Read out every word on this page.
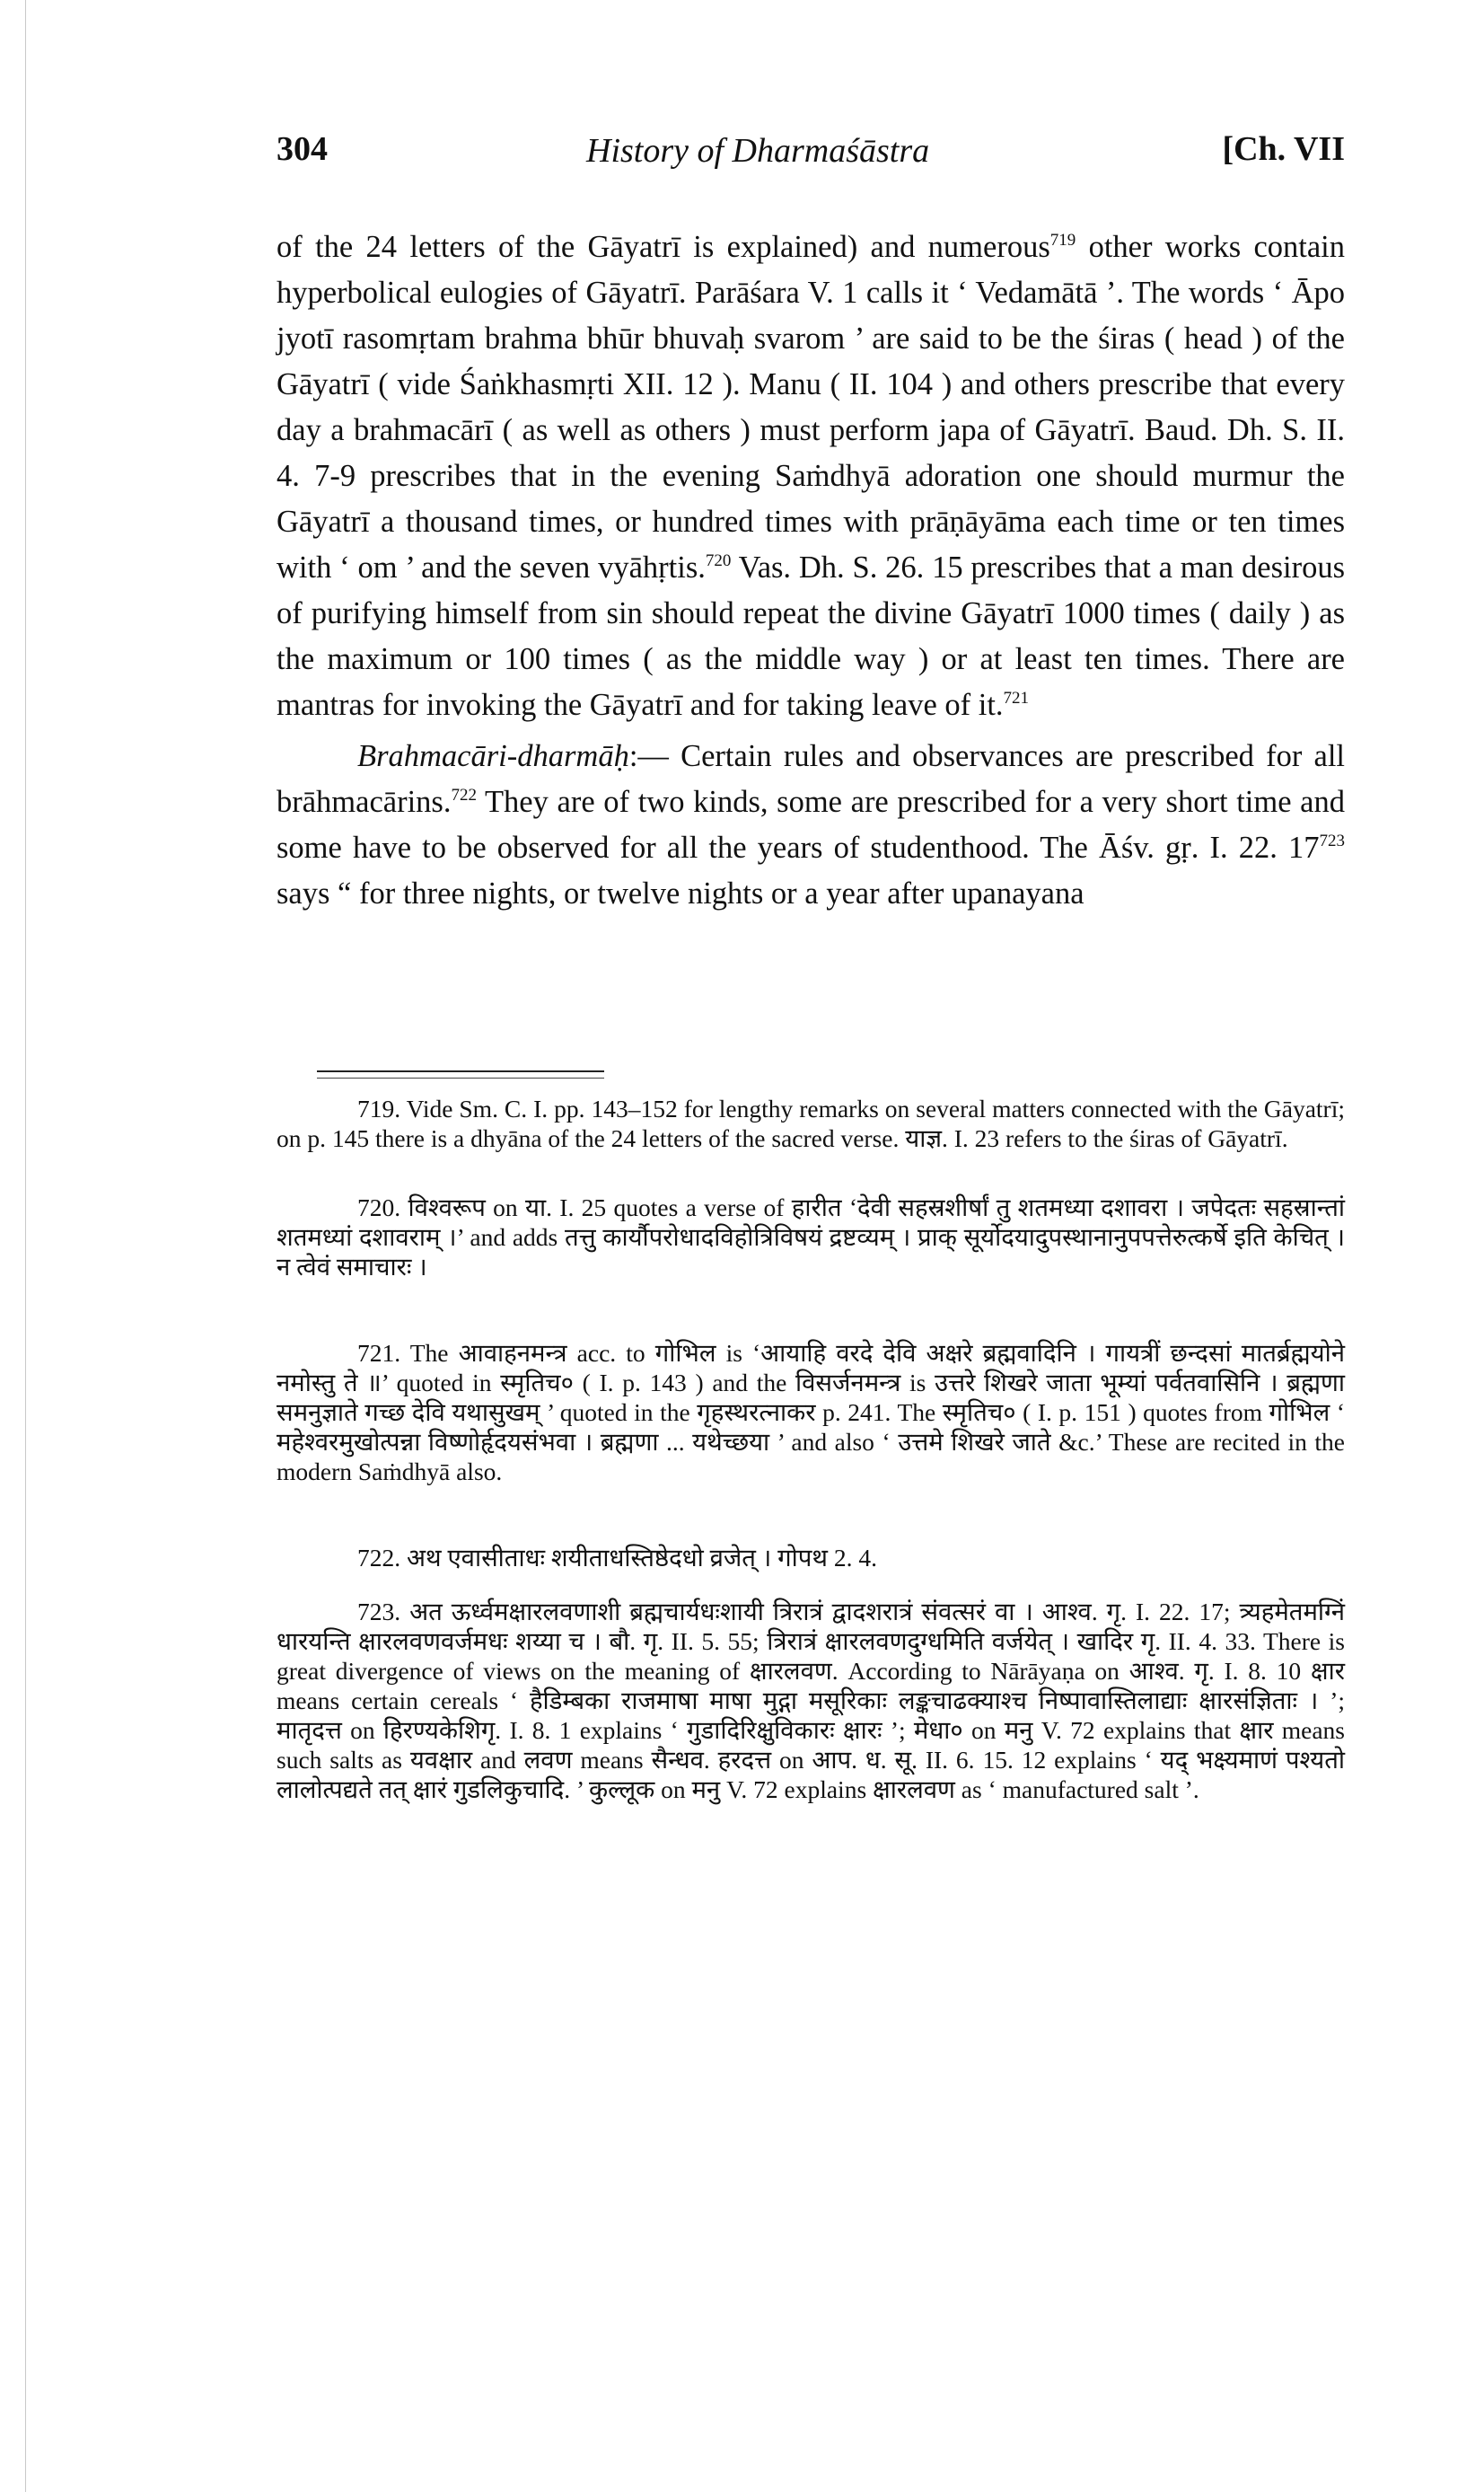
304	History of Dharmaśāstra	[Ch. VII

of the 24 letters of the Gāyatrī is explained) and numerous$^{719}$ other works contain hyperbolical eulogies of Gāyatrī. Parāśara V. 1 calls it ‘ Vedamātā ’. The words ‘ Āpo jyotī rasomṛtam brahma bhūr bhuvaḥ svarom ’ are said to be the śiras ( head ) of the Gāyatrī ( vide Śaṅkhasmṛti XII. 12 ). Manu ( II. 104 ) and others prescribe that every day a brahmacārī ( as well as others ) must perform japa of Gāyatrī. Baud. Dh. S. II. 4. 7-9 prescribes that in the evening Saṁdhyā adoration one should murmur the Gāyatrī a thousand times, or hundred times with prāṇāyāma each time or ten times with ‘ om ’ and the seven vyāhṛtis.$^{720}$ Vas. Dh. S. 26. 15 prescribes that a man desirous of purifying himself from sin should repeat the divine Gāyatrī 1000 times ( daily ) as the maximum or 100 times ( as the middle way ) or at least ten times. There are mantras for invoking the Gāyatrī and for taking leave of it.$^{721}$

Brahmacāri-dharmāḥ:— Certain rules and observances are prescribed for all brāhmacārins.$^{722}$ They are of two kinds, some are prescribed for a very short time and some have to be observed for all the years of studenthood. The Āśv. gṛ. I. 22. $17^{723}$ says “ for three nights, or twelve nights or a year after upanayana

719. Vide Sm. C. I. pp. 143–152 for lengthy remarks on several matters connected with the Gāyatrī; on p. 145 there is a dhyāna of the 24 letters of the sacred verse. याज्ञ. I. 23 refers to the śiras of Gāyatrī.

720. विश्वरूप on या. I. 25 quotes a verse of हारीत ‘देवी सहस्रशीर्षां तु शतमध्या दशावरा । जपेदतः सहस्रान्तां शतमध्यां दशावराम् ।’ and adds तत्तु कार्यौपरोधादविहोत्रिविषयं द्रष्टव्यम् । प्राक् सूर्योदयादुपस्थानानुपपत्तेरुत्कर्षे इति केचित् । न त्वेवं समाचारः ।

721. The आवाहनमन्त्र acc. to गोभिल is ‘आयाहि वरदे देवि अक्षरे ब्रह्मवादिनि । गायत्रीं छन्दसां मातर्ब्रह्मयोने नमोस्तु ते ॥’ quoted in स्मृतिच० ( I. p. 143 ) and the विसर्जनमन्त्र is उत्तरे शिखरे जाता भूम्यां पर्वतवासिनि । ब्रह्मणा समनुज्ञाते गच्छ देवि यथासुखम् ’ quoted in the गृहस्थरत्नाकर p. 241. The स्मृतिच० ( I. p. 151 ) quotes from गोभिल ‘ महेश्वरमुखोत्पन्ना विष्णोर्हृदयसंभवा । ब्रह्मणा ... यथेच्छया ’ and also ‘ उत्तमे शिखरे जाते &c.’ These are recited in the modern Saṁdhyā also.

722. अथ एवासीताधः शयीताधस्तिष्ठेदधो व्रजेत् । गोपथ 2. 4.

723. अत ऊर्ध्वमक्षारलवणाशी ब्रह्मचार्यधःशायी त्रिरात्रं द्वादशरात्रं संवत्सरं वा । आश्व. गृ. I. 22. 17; त्र्यहमेतमग्निं धारयन्ति क्षारलवणवर्जमधः शय्या च । बौ. गृ. II. 5. 55; त्रिरात्रं क्षारलवणदुग्धमिति वर्जयेत् । खादिर गृ. II. 4. 33. There is great divergence of views on the meaning of क्षारलवण. According to Nārāyaṇa on आश्व. गृ. I. 8. 10 क्षार means certain cereals ‘ हैडिम्बका राजमाषा माषा मुद्गा मसूरिकाः लङ्कचाढक्याश्च निष्पावास्तिलाद्याः क्षारसंज्ञिताः । ’; मातृदत्त on हिरण्यकेशिगृ. I. 8. 1 explains ‘ गुडादिरिक्षुविकारः क्षारः ’; मेधा० on मनु V. 72 explains that क्षार means such salts as यवक्षार and लवण means सैन्धव. हरदत्त on आप. ध. सू. II. 6. 15. 12 explains ‘ यद् भक्ष्यमाणं पश्यतो लालोत्पद्यते तत् क्षारं गुडलिकुचादि. ’ कुल्लूक on मनु V. 72 explains क्षारलवण as ‘ manufactured salt ’.
